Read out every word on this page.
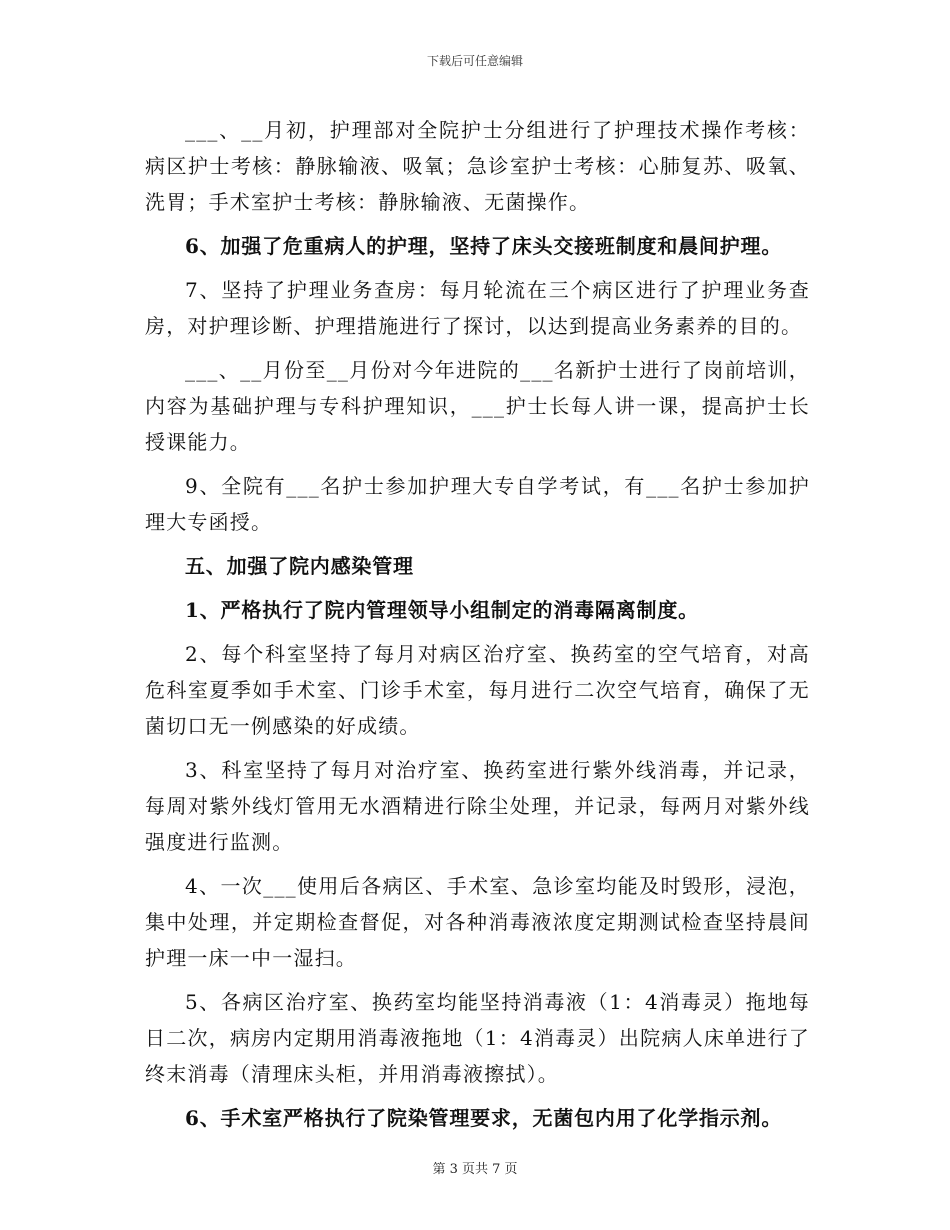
下载后可任意编辑

___、__月初，护理部对全院护士分组进行了护理技术操作考核：病区护士考核：静脉输液、吸氧；急诊室护士考核：心肺复苏、吸氧、洗胃；手术室护士考核：静脉输液、无菌操作。

6、加强了危重病人的护理，坚持了床头交接班制度和晨间护理。

7、坚持了护理业务查房：每月轮流在三个病区进行了护理业务查房，对护理诊断、护理措施进行了探讨，以达到提高业务素养的目的。

___、__月份至__月份对今年进院的___名新护士进行了岗前培训，内容为基础护理与专科护理知识，___护士长每人讲一课，提高护士长授课能力。

9、全院有___名护士参加护理大专自学考试，有___名护士参加护理大专函授。

五、加强了院内感染管理

1、严格执行了院内管理领导小组制定的消毒隔离制度。

2、每个科室坚持了每月对病区治疗室、换药室的空气培育，对高危科室夏季如手术室、门诊手术室，每月进行二次空气培育，确保了无菌切口无一例感染的好成绩。

3、科室坚持了每月对治疗室、换药室进行紫外线消毒，并记录，每周对紫外线灯管用无水酒精进行除尘处理，并记录，每两月对紫外线强度进行监测。

4、一次___使用后各病区、手术室、急诊室均能及时毁形，浸泡，集中处理，并定期检查督促，对各种消毒液浓度定期测试检查坚持晨间护理一床一中一湿扫。

5、各病区治疗室、换药室均能坚持消毒液（1：4消毒灵）拖地每日二次，病房内定期用消毒液拖地（1：4消毒灵）出院病人床单进行了终末消毒（清理床头柜，并用消毒液擦拭）。

6、手术室严格执行了院染管理要求，无菌包内用了化学指示剂。

第 3 页共 7 页
